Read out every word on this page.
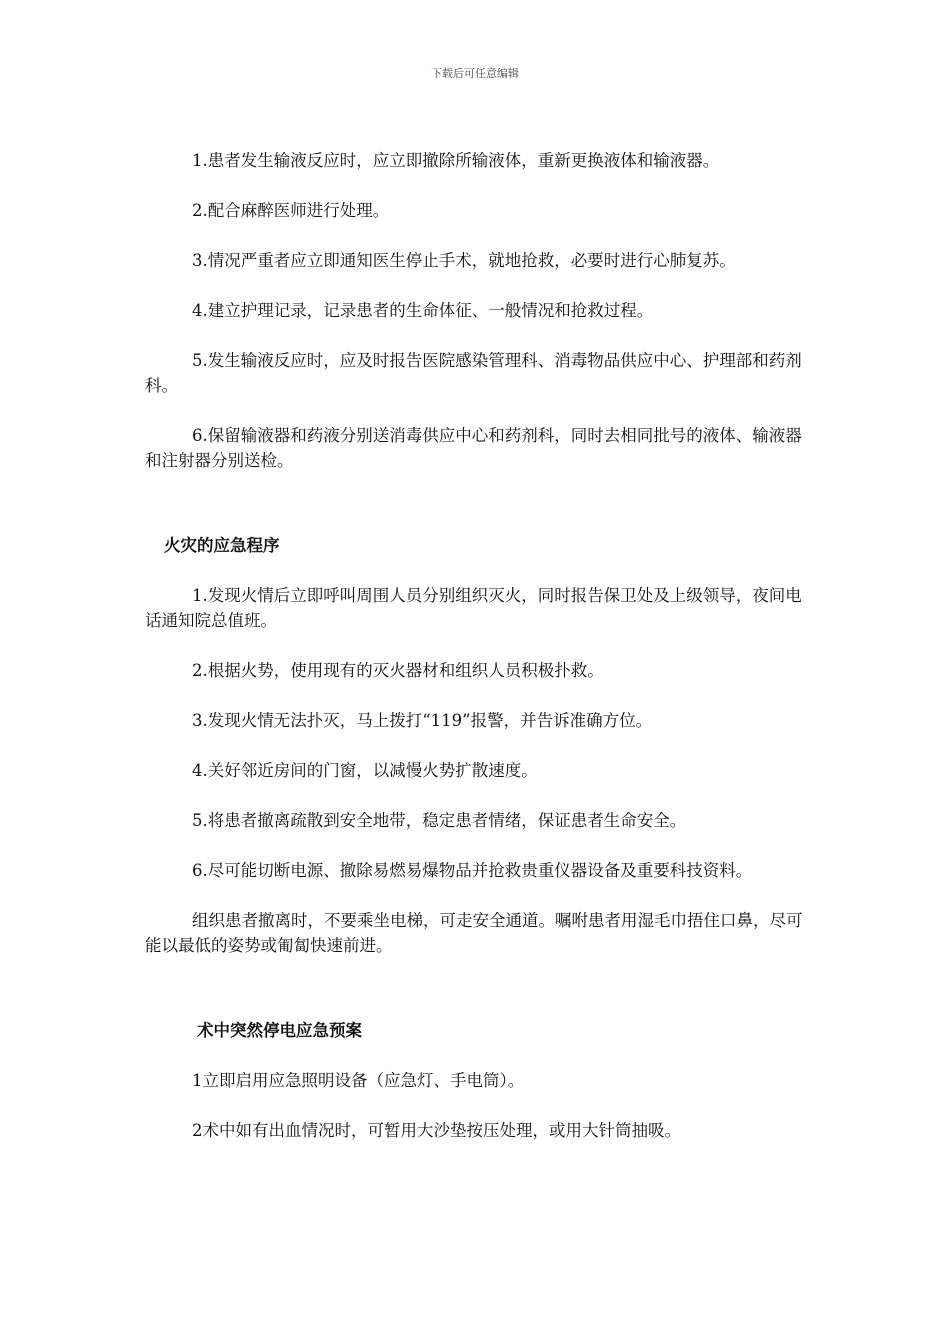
下载后可任意编辑

1.患者发生输液反应时，应立即撤除所输液体，重新更换液体和输液器。

2.配合麻醉医师进行处理。

3.情况严重者应立即通知医生停止手术，就地抢救，必要时进行心肺复苏。

4.建立护理记录，记录患者的生命体征、一般情况和抢救过程。

5.发生输液反应时，应及时报告医院感染管理科、消毒物品供应中心、护理部和药剂科。

6.保留输液器和药液分别送消毒供应中心和药剂科，同时去相同批号的液体、输液器和注射器分别送检。

火灾的应急程序

1.发现火情后立即呼叫周围人员分别组织灭火，同时报告保卫处及上级领导，夜间电话通知院总值班。

2.根据火势，使用现有的灭火器材和组织人员积极扑救。

3.发现火情无法扑灭，马上拨打“119”报警，并告诉准确方位。

4.关好邻近房间的门窗，以减慢火势扩散速度。

5.将患者撤离疏散到安全地带，稳定患者情绪，保证患者生命安全。

6.尽可能切断电源、撤除易燃易爆物品并抢救贵重仪器设备及重要科技资料。

组织患者撤离时，不要乘坐电梯，可走安全通道。嘱咐患者用湿毛巾捂住口鼻，尽可能以最低的姿势或匍匐快速前进。

术中突然停电应急预案

1立即启用应急照明设备（应急灯、手电筒）。

2术中如有出血情况时，可暂用大沙垫按压处理，或用大针筒抽吸。
